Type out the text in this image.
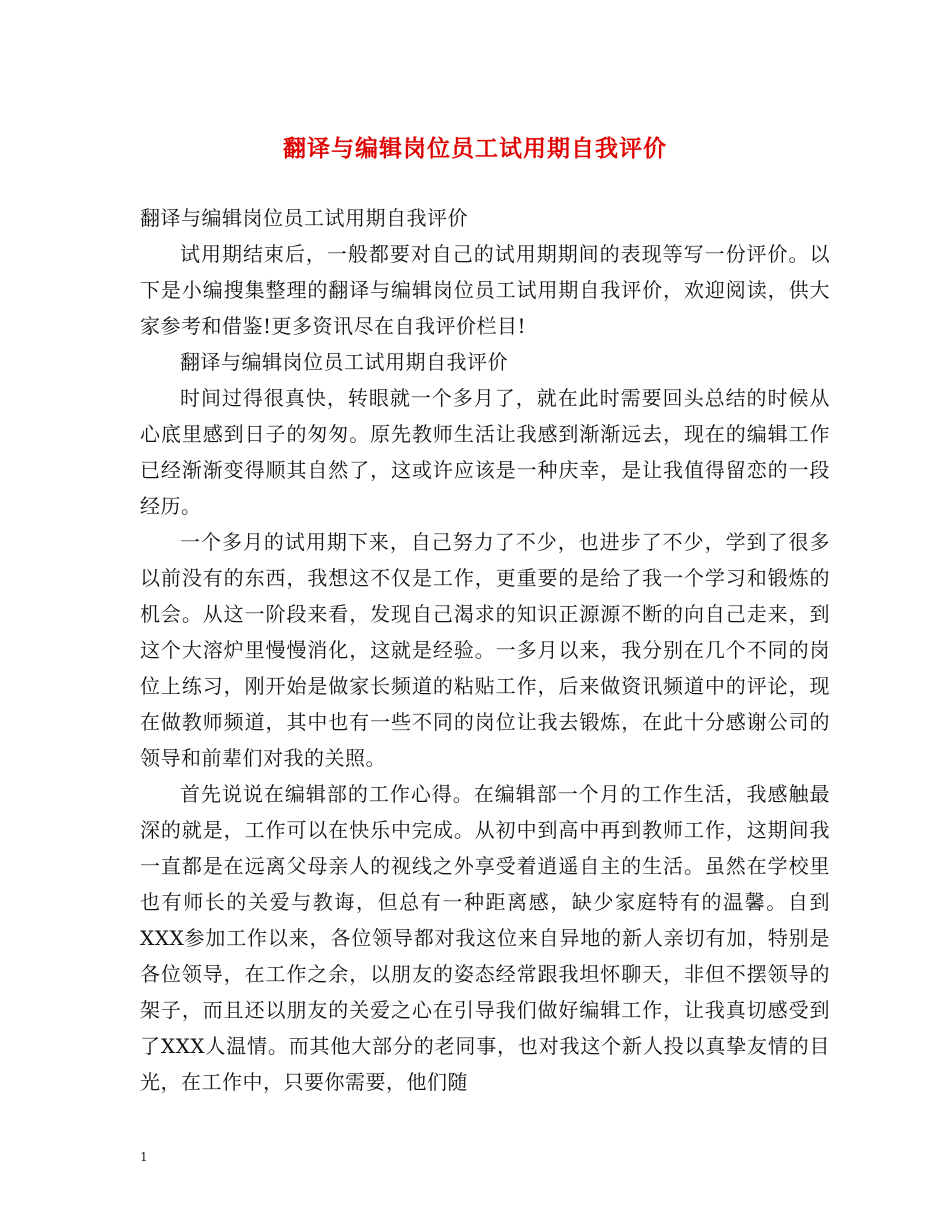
翻译与编辑岗位员工试用期自我评价

翻译与编辑岗位员工试用期自我评价

试用期结束后，一般都要对自己的试用期期间的表现等写一份评价。以下是小编搜集整理的翻译与编辑岗位员工试用期自我评价，欢迎阅读，供大家参考和借鉴!更多资讯尽在自我评价栏目!

翻译与编辑岗位员工试用期自我评价

时间过得很真快，转眼就一个多月了，就在此时需要回头总结的时候从心底里感到日子的匆匆。原先教师生活让我感到渐渐远去，现在的编辑工作已经渐渐变得顺其自然了，这或许应该是一种庆幸，是让我值得留恋的一段经历。

一个多月的试用期下来，自己努力了不少，也进步了不少，学到了很多以前没有的东西，我想这不仅是工作，更重要的是给了我一个学习和锻炼的机会。从这一阶段来看，发现自己渴求的知识正源源不断的向自己走来，到这个大溶炉里慢慢消化，这就是经验。一多月以来，我分别在几个不同的岗位上练习，刚开始是做家长频道的粘贴工作，后来做资讯频道中的评论，现在做教师频道，其中也有一些不同的岗位让我去锻炼，在此十分感谢公司的领导和前辈们对我的关照。

首先说说在编辑部的工作心得。在编辑部一个月的工作生活，我感触最深的就是，工作可以在快乐中完成。从初中到高中再到教师工作，这期间我一直都是在远离父母亲人的视线之外享受着逍遥自主的生活。虽然在学校里也有师长的关爱与教诲，但总有一种距离感，缺少家庭特有的温馨。自到XXX参加工作以来，各位领导都对我这位来自异地的新人亲切有加，特别是各位领导，在工作之余，以朋友的姿态经常跟我坦怀聊天，非但不摆领导的架子，而且还以朋友的关爱之心在引导我们做好编辑工作，让我真切感受到了XXX人温情。而其他大部分的老同事，也对我这个新人投以真挚友情的目光，在工作中，只要你需要，他们随

1
